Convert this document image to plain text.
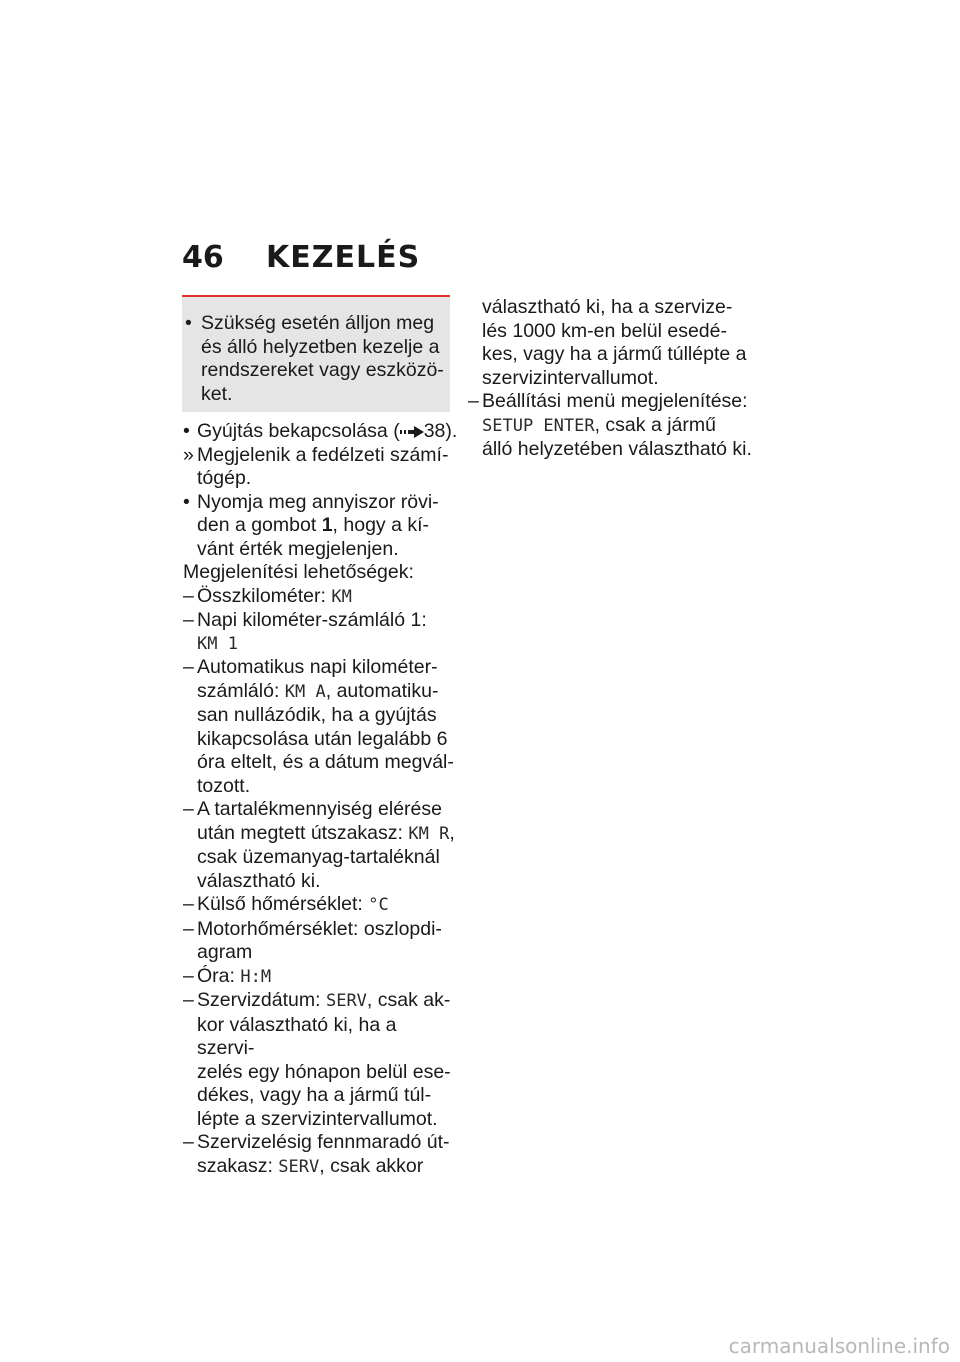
46 KEZELÉS
• Szükség esetén álljon meg
és álló helyzetben kezelje a
rendszereket vagy eszközö-
ket.
• Gyújtás bekapcsolása ( 38).
» Megjelenik a fedélzeti számí-
tógép.
• Nyomja meg annyiszor rövi-
den a gombot 1, hogy a kí-
vánt érték megjelenjen.
Megjelenítési lehetőségek:
– Összkilométer: KM
– Napi kilométer-számláló 1:
KM 1
– Automatikus napi kilométer-
számláló: KM A, automatiku-
san nullázódik, ha a gyújtás
kikapcsolása után legalább 6
óra eltelt, és a dátum megvál-
tozott.
– A tartalékmennyiség elérése
után megtett útszakasz: KM R,
csak üzemanyag-tartaléknál
választható ki.
– Külső hőmérséklet: °C
– Motorhőmérséklet: oszlopdi-
agram
– Óra: H:M
– Szervizdátum: SERV, csak ak-
kor választható ki, ha a szervi-
zelés egy hónapon belül ese-
dékes, vagy ha a jármű túl-
lépte a szervizintervallumot.
– Szervizelésig fennmaradó út-
szakasz: SERV, csak akkor
választható ki, ha a szervize-
lés 1000 km-en belül esedé-
kes, vagy ha a jármű túllépte a
szervizintervallumot.
– Beállítási menü megjelenítése:
SETUP ENTER, csak a jármű
álló helyzetében választható ki.
carmanualsonline.info
